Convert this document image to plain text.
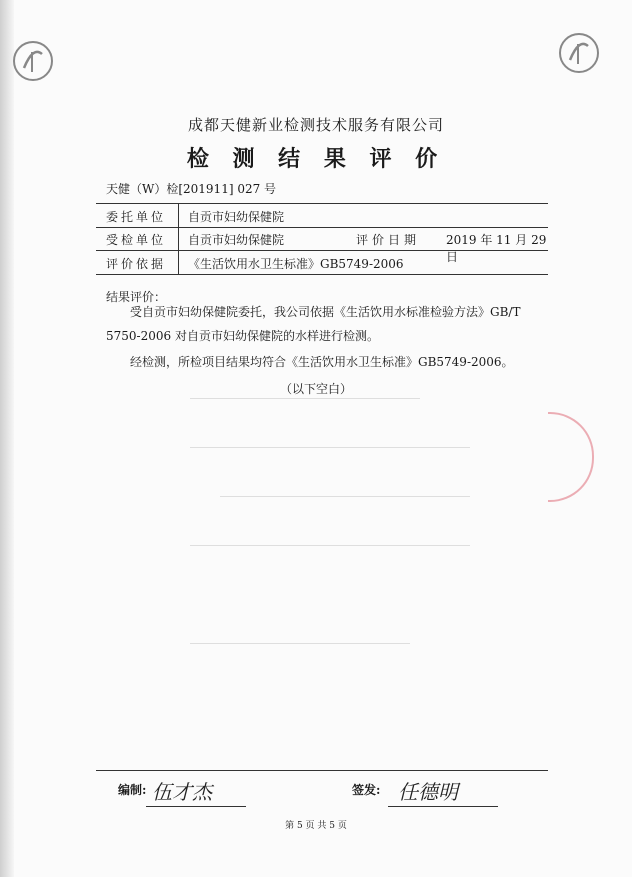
成都天健新业检测技术服务有限公司
检 测 结 果 评 价
天健（W）检[201911] 027 号
委托单位 自贡市妇幼保健院
受检单位 自贡市妇幼保健院	评价日期 2019 年 11 月 29 日
评价依据 《生活饮用水卫生标准》GB5749-2006
结果评价：
受自贡市妇幼保健院委托，我公司依据《生活饮用水标准检验方法》GB/T 5750-2006 对自贡市妇幼保健院的水样进行检测。
经检测，所检项目结果均符合《生活饮用水卫生标准》GB5749-2006。
（以下空白）
编制: 伍才杰	签发: 任德明
第 5 页 共 5 页
